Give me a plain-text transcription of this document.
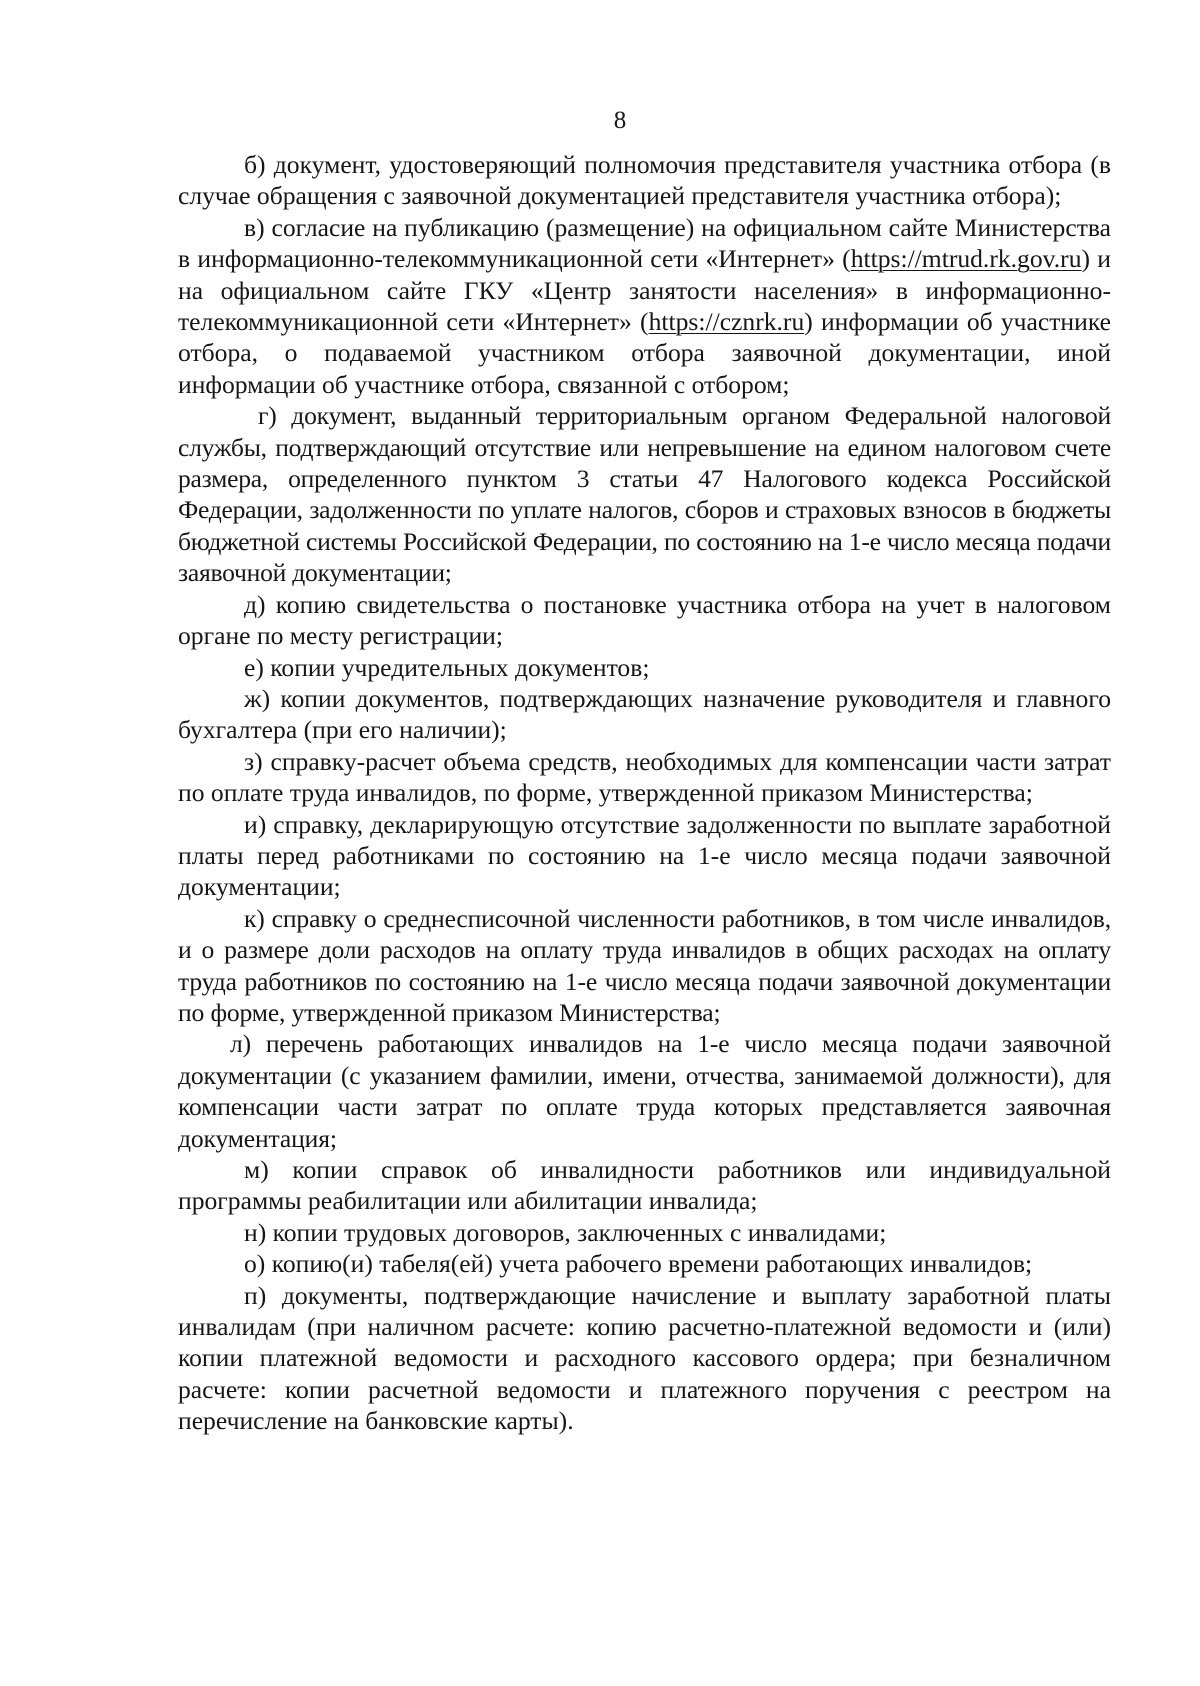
8

б) документ, удостоверяющий полномочия представителя участника отбора (в случае обращения с заявочной документацией представителя участника отбора);

в) согласие на публикацию (размещение) на официальном сайте Министерства в информационно-телекоммуникационной сети «Интернет» (https://mtrud.rk.gov.ru) и на официальном сайте ГКУ «Центр занятости населения» в информационно-телекоммуникационной сети «Интернет» (https://cznrk.ru) информации об участнике отбора, о подаваемой участником отбора заявочной документации, иной информации об участнике отбора, связанной с отбором;

г) документ, выданный территориальным органом Федеральной налоговой службы, подтверждающий отсутствие или непревышение на едином налоговом счете размера, определенного пунктом 3 статьи 47 Налогового кодекса Российской Федерации, задолженности по уплате налогов, сборов и страховых взносов в бюджеты бюджетной системы Российской Федерации, по состоянию на 1-е число месяца подачи заявочной документации;

д) копию свидетельства о постановке участника отбора на учет в налоговом органе по месту регистрации;

е) копии учредительных документов;

ж) копии документов, подтверждающих назначение руководителя и главного бухгалтера (при его наличии);

з) справку-расчет объема средств, необходимых для компенсации части затрат по оплате труда инвалидов, по форме, утвержденной приказом Министерства;

и) справку, декларирующую отсутствие задолженности по выплате заработной платы перед работниками по состоянию на 1-е число месяца подачи заявочной документации;

к) справку о среднесписочной численности работников, в том числе инвалидов, и о размере доли расходов на оплату труда инвалидов в общих расходах на оплату труда работников по состоянию на 1-е число месяца подачи заявочной документации по форме, утвержденной приказом Министерства;

л) перечень работающих инвалидов на 1-е число месяца подачи заявочной документации (с указанием фамилии, имени, отчества, занимаемой должности), для компенсации части затрат по оплате труда которых представляется заявочная документация;

м) копии справок об инвалидности работников или индивидуальной программы реабилитации или абилитации инвалида;

н) копии трудовых договоров, заключенных с инвалидами;

о) копию(и) табеля(ей) учета рабочего времени работающих инвалидов;

п) документы, подтверждающие начисление и выплату заработной платы инвалидам (при наличном расчете: копию расчетно-платежной ведомости и (или) копии платежной ведомости и расходного кассового ордера; при безналичном расчете: копии расчетной ведомости и платежного поручения с реестром на перечисление на банковские карты).
